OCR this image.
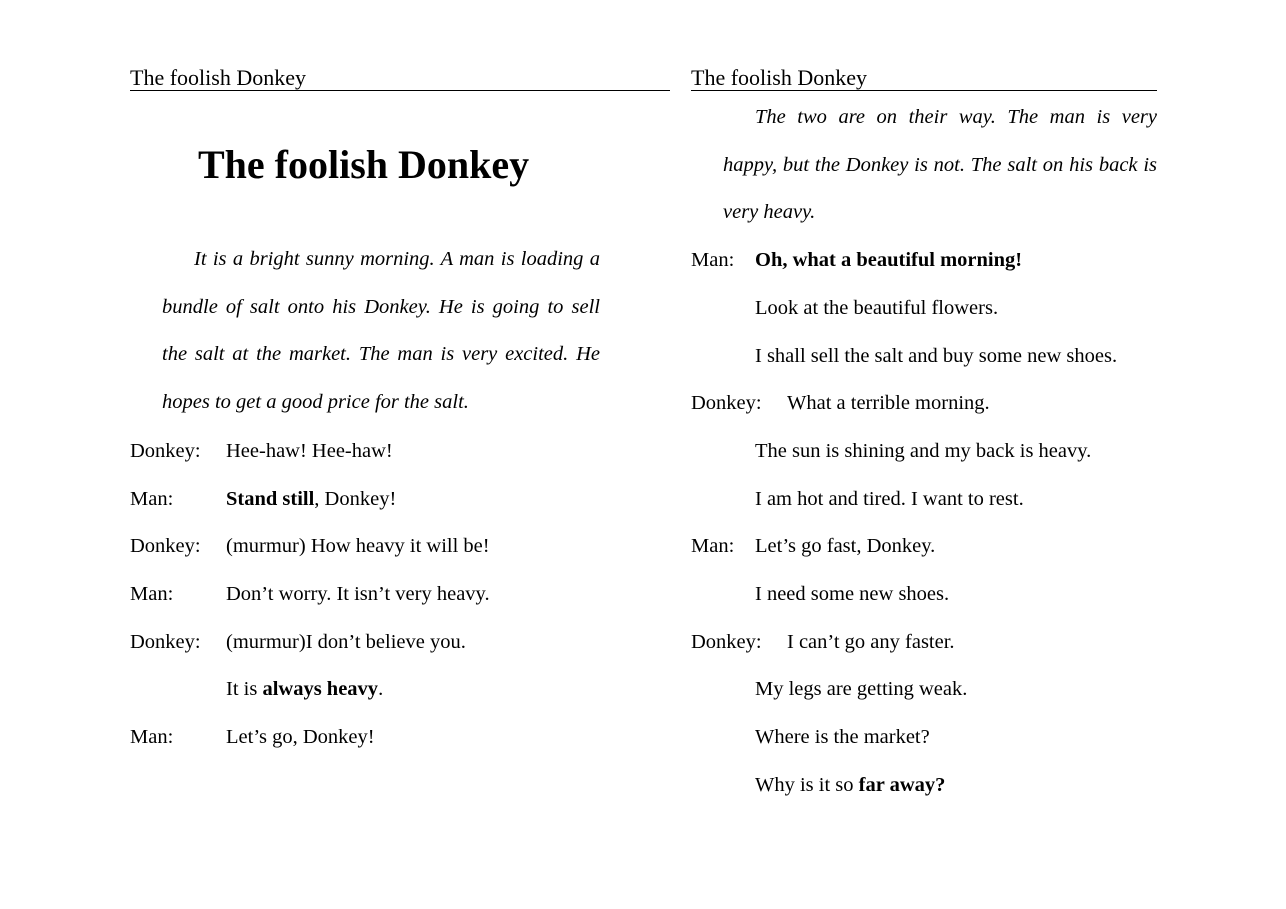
The foolish Donkey
The foolish Donkey
It is a bright sunny morning. A man is loading a bundle of salt onto his Donkey. He is going to sell the salt at the market. The man is very excited. He hopes to get a good price for the salt.
Donkey: Hee-haw! Hee-haw!
Man:	Stand still, Donkey!
Donkey: (murmur) How heavy it will be!
Man:	Don’t worry. It isn’t very heavy.
Donkey: (murmur)I don’t believe you.
It is always heavy.
Man:	Let’s go, Donkey!
The foolish Donkey
The two are on their way. The man is very happy, but the Donkey is not. The salt on his back is very heavy.
Man: Oh, what a beautiful morning!
Look at the beautiful flowers.
I shall sell the salt and buy some new shoes.
Donkey: What a terrible morning.
The sun is shining and my back is heavy.
I am hot and tired. I want to rest.
Man: Let’s go fast, Donkey.
I need some new shoes.
Donkey: I can’t go any faster.
My legs are getting weak.
Where is the market?
Why is it so far away?
